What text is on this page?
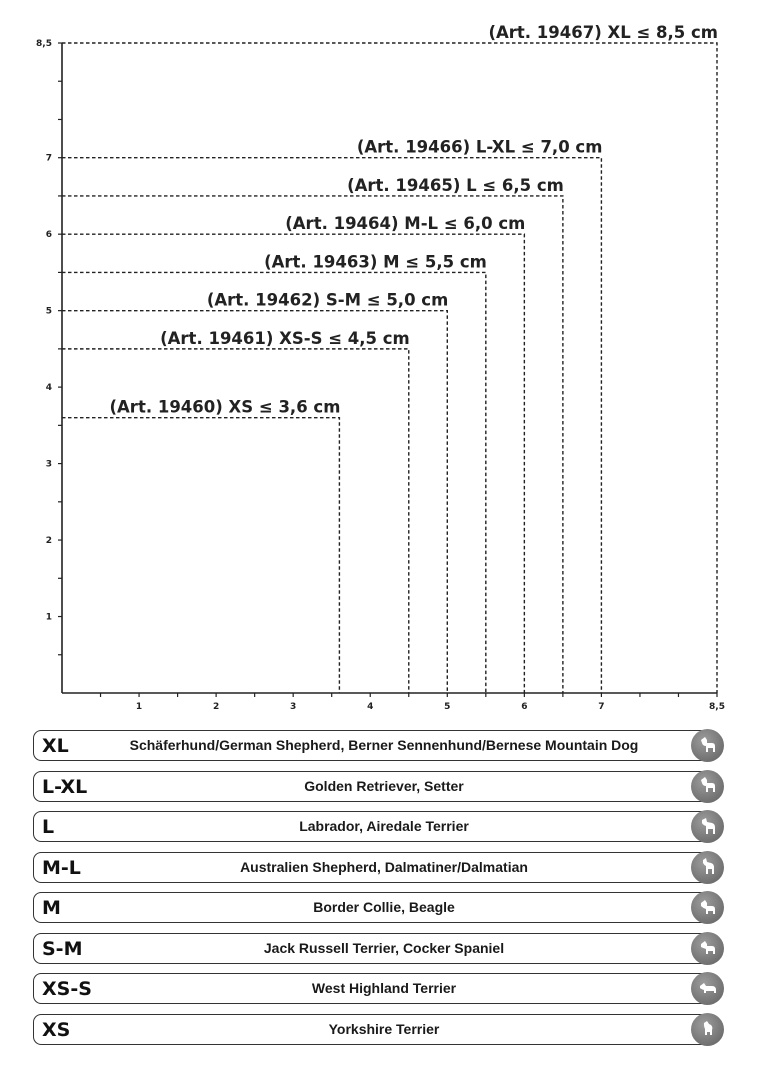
1	2	3	4	5	6	7	8,5
1
2
3
4
5
6
7
8,5
(Art. 19460) XS ≤ 3,6 cm
(Art. 19461) XS-S ≤ 4,5 cm
(Art. 19462) S-M ≤ 5,0 cm
(Art. 19463) M ≤ 5,5 cm
(Art. 19464) M-L ≤ 6,0 cm
(Art. 19465) L ≤ 6,5 cm
(Art. 19466) L-XL ≤ 7,0 cm
(Art. 19467) XL ≤ 8,5 cm
XL	Schäferhund/German Shepherd, Berner Sennenhund/Bernese Mountain Dog
L-XL	Golden Retriever, Setter
L	Labrador, Airedale Terrier
M-L	Australien Shepherd, Dalmatiner/Dalmatian
M	Border Collie, Beagle
S-M	Jack Russell Terrier, Cocker Spaniel
XS-S	West Highland Terrier
XS	Yorkshire Terrier
